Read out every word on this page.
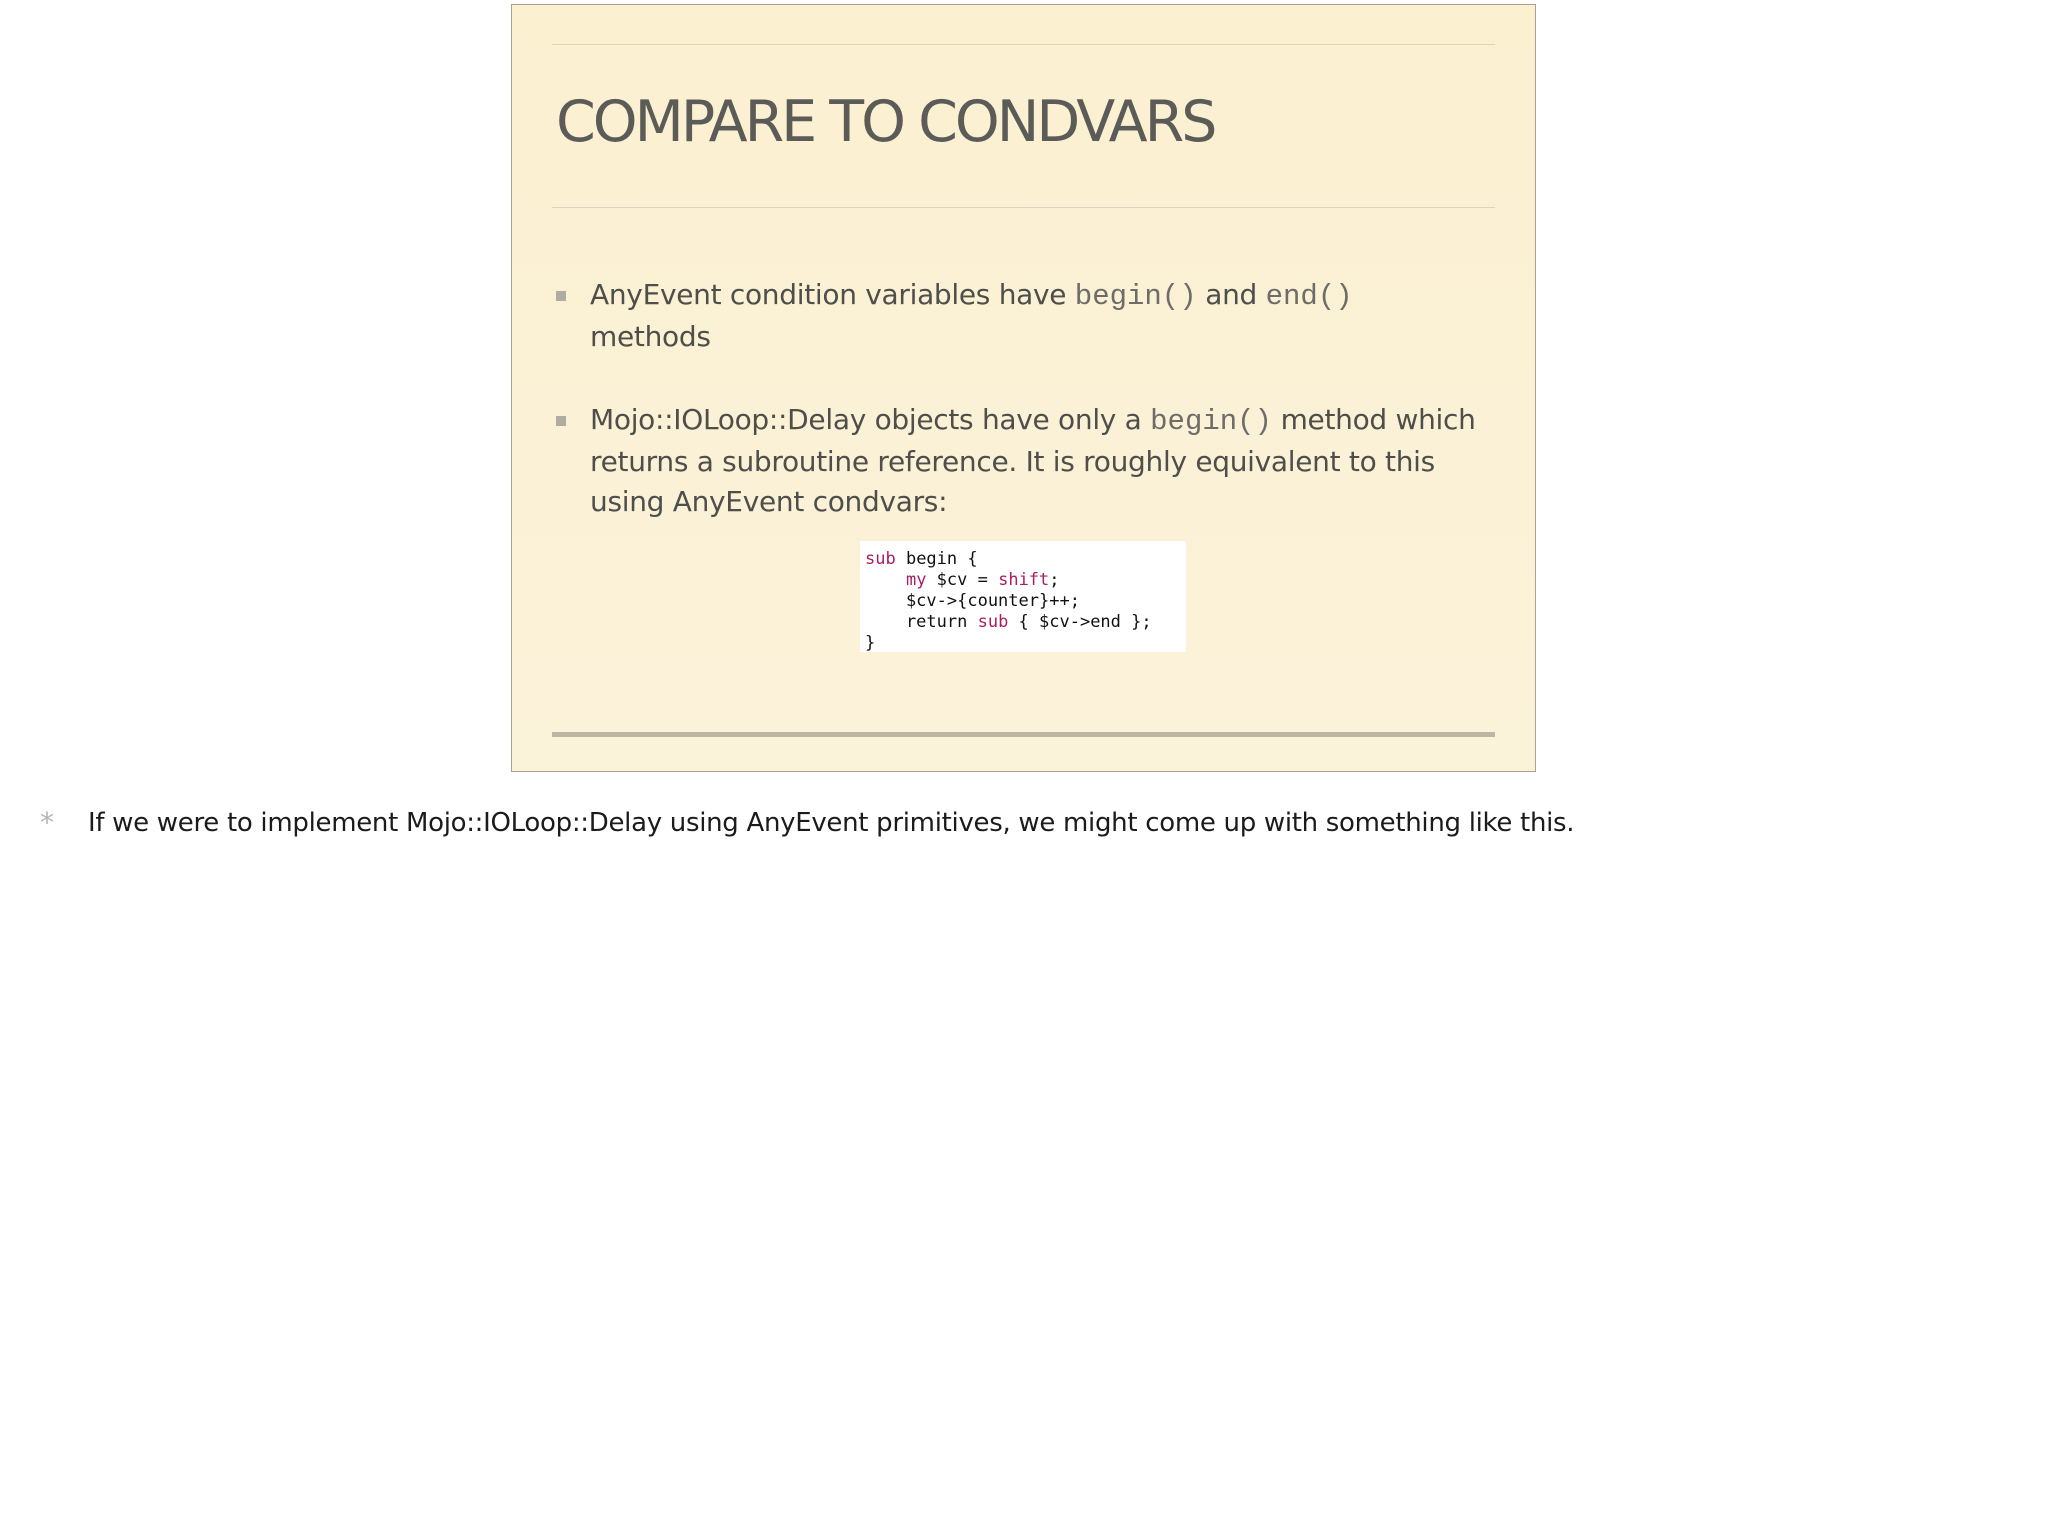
COMPARE TO CONDVARS
AnyEvent condition variables have begin() and end() methods
Mojo::IOLoop::Delay objects have only a begin() method which returns a subroutine reference. It is roughly equivalent to this using AnyEvent condvars:
sub begin {
my $cv = shift;
$cv->{counter}++;
return sub { $cv->end };
}
* If we were to implement Mojo::IOLoop::Delay using AnyEvent primitives, we might come up with something like this.
